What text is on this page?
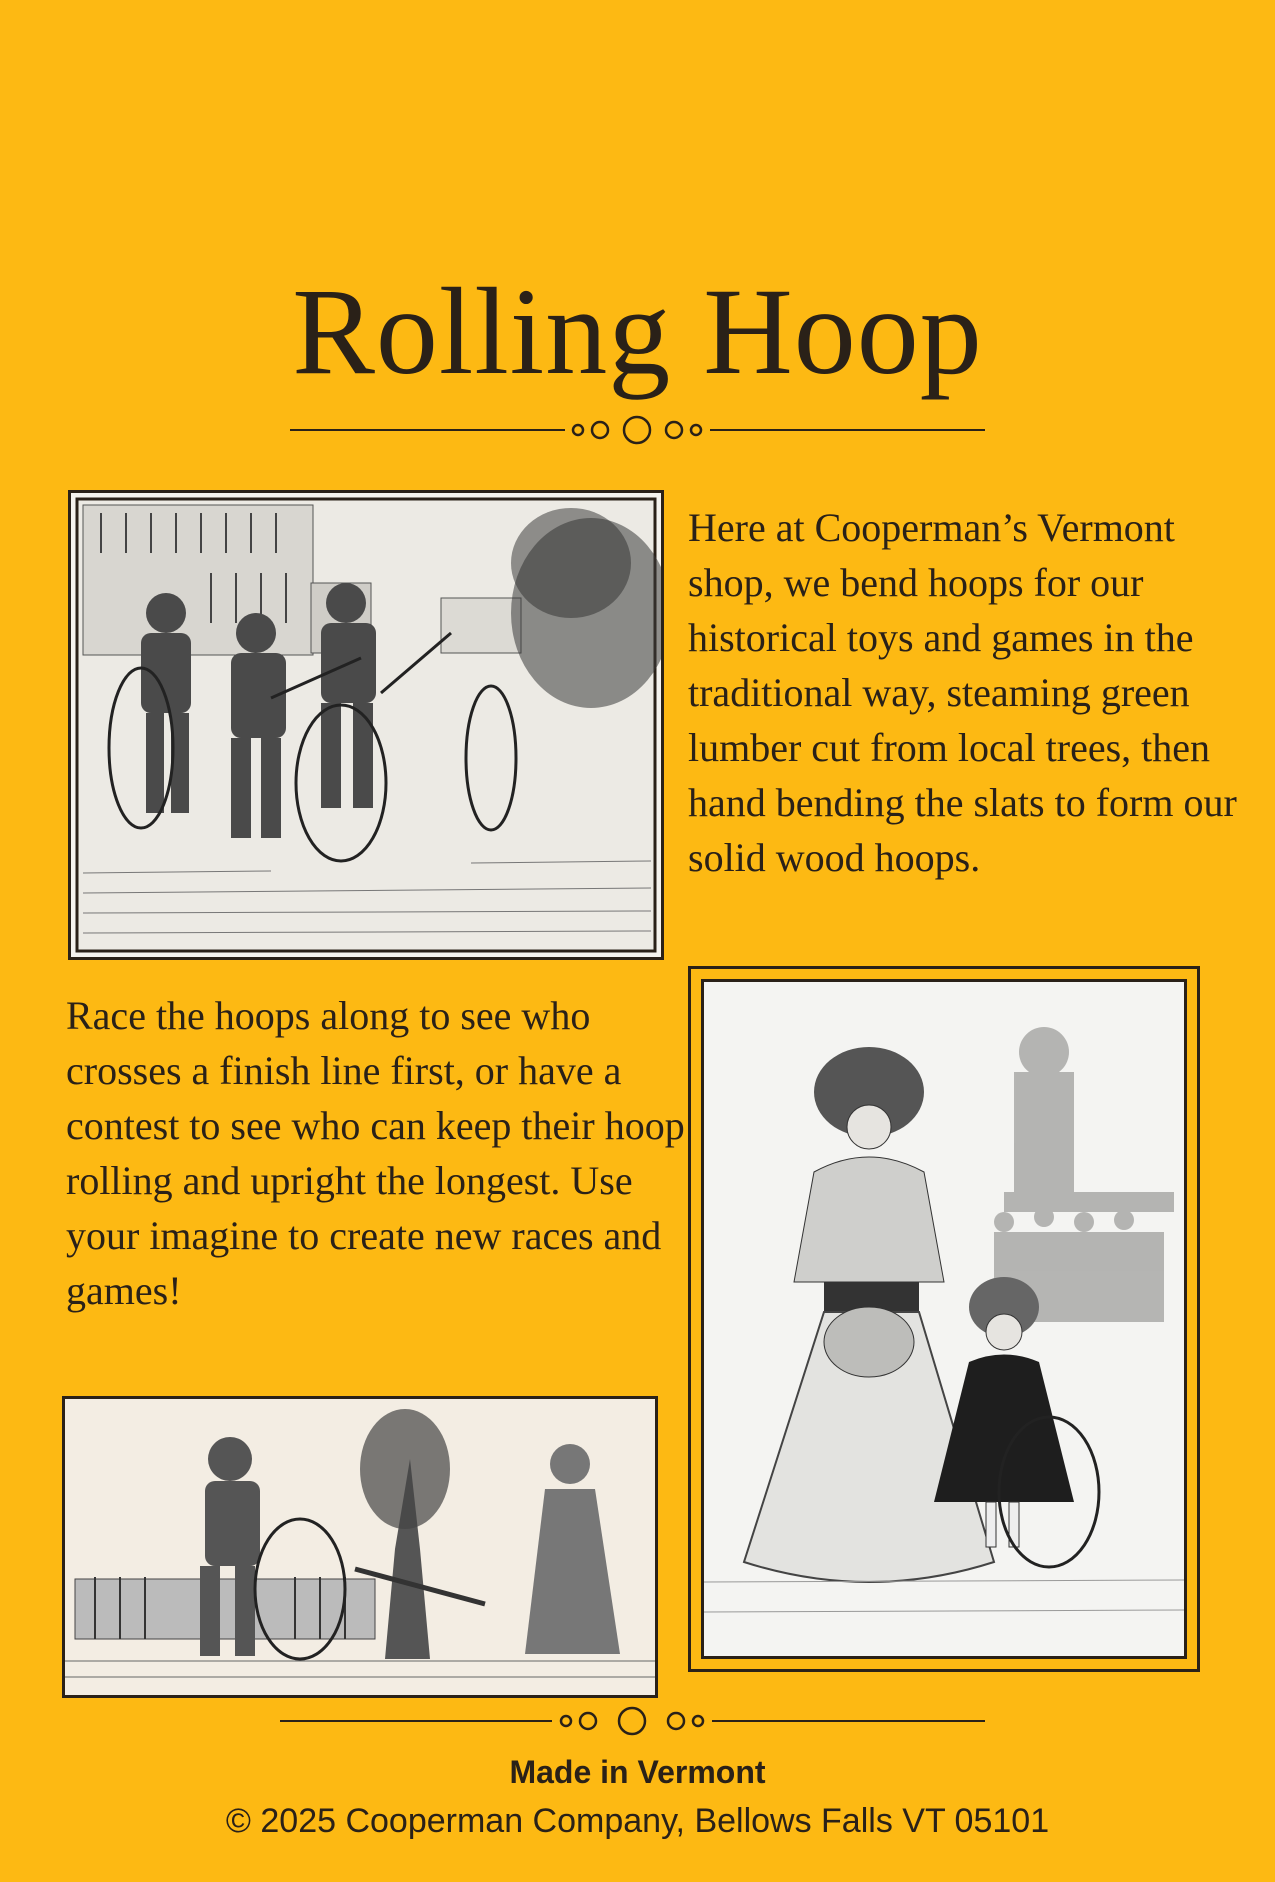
Rolling Hoop

Here at Cooperman’s Vermont shop, we bend hoops for our historical toys and games in the traditional way, steaming green lumber cut from local trees, then hand bending the slats to form our solid wood hoops.

Race the hoops along to see who crosses a finish line first, or have a contest to see who can keep their hoop rolling and upright the longest. Use your imagine to create new races and games!

Made in Vermont
© 2025 Cooperman Company, Bellows Falls VT 05101
